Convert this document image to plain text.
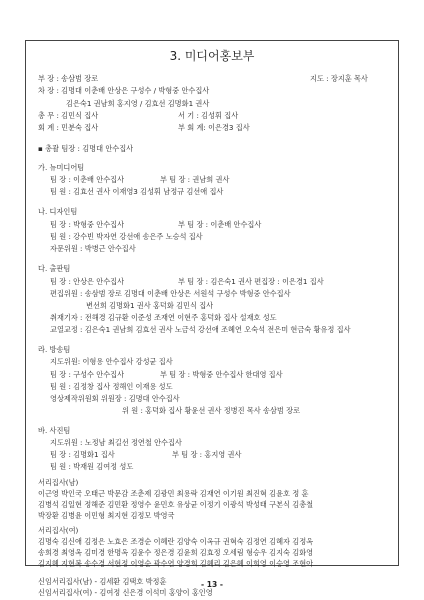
3. 미디어홍보부
부 장 : 송삼범 장로	지도 : 장지훈 목사
차 장 : 김명대 이춘배 안상은 구성수 / 박형중 안수집사
김은숙1 권남희 홍지영 / 김효선 김명화1 권사
총 무 : 김민식 집사	서 기 : 김성휘 집사
회 계 : 민분숙 집사	부 회 계: 이은경3 집사
▪ 총괄 팀장 : 김명대 안수집사
가. 뉴미디어팀
팀 장 : 이춘배 안수집사	부 팀 장 : 권남희 권사
팀 원 : 김효선 권사 이재영3 김성휘 남정규 김선애 집사
나. 디자인팀
팀 장 : 박형중 안수집사	부 팀 장 : 이춘배 안수집사
팀 원 : 강수빈 박자연 강선애 송은주 노승석 집사
자문위원 : 박병근 안수집사
다. 출판팀
팀 장 : 안상은 안수집사	부 팀 장 : 김은숙1 권사 편집장 : 이은경1 집사
편집위원 : 송삼범 장로 김명대 이춘배 안상은 서원석 구성수 박형중 안수집사
변선희 김명화1 권사 홍덕화 김민식 집사
취재기자 : 전해경 김규환 이준성 조재연 이현주 홍덕화 집사 설재호 성도
교열교정 : 김은숙1 권남희 김효선 권사 노금석 강선애 조혜연 오숙석 전은미 현금숙 황유정 집사
라. 방송팀
지도위원: 이형용 안수집사 강성균 집사
팀 장 : 구성수 안수집사	부 팀 장 : 박형중 안수집사 한대영 집사
팀 원 : 김정창 집사 정해인 이재용 성도
영상제작위원회 위원장 : 김명대 안수집사
위 원 : 홍덕화 집사 황윤선 권사 정병진 목사 송삼범 장로
바. 사진팀
지도위원 : 노정남 최길선 정연철 안수집사
팀 장 : 김명화1 집사	부 팀 장 : 홍지영 권사
팀 원 : 박재원 김여정 성도
서리집사(남)
이근영 박인국 오태근 박문감 조춘제 김광민 최용락 김재연 이기원 최진혁 김윤호 정 훈
김병석 김일현 정해준 김민환 정영수 윤민호 유상균 이정기 이광석 박성태 구본식 김총철
박장환 김병윤 이민형 최지현 김정모 박영국
서리집사(여)
김명숙 김신애 김정은 노효은 조경순 이혜란 김양숙 이옥규 권혁숙 김정연 김혜자 김정옥
송희경 최영옥 김미경 한명옥 김윤수 정은경 김윤희 김효정 오세림 형승우 김지숙 김화영
김지혜 지현복 송수경 서현정 이영순 곽수연 양경희 김혜리 김은혜 이희영 이승영 조현아
신임서리집사(남) - 김세환 김택호 박정훈
신임서리집사(여) - 김여정 신은경 이석미 홍양이 홍인영
- 13 -
